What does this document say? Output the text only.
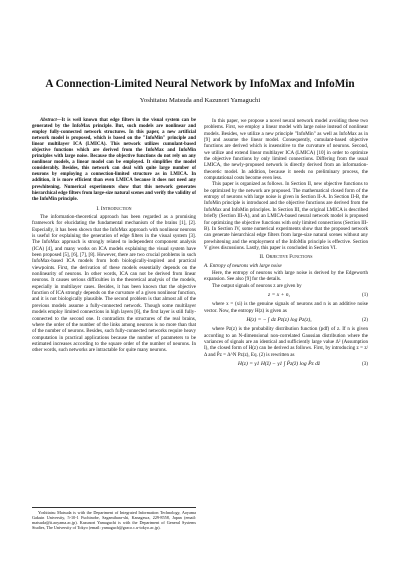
A Connection-Limited Neural Network by InfoMax and InfoMin
Yoshitatsu Matsuda and Kazunori Yamaguchi

Abstract—It is well known that edge filters in the visual system can be generated by the InfoMax principle. But, such models are nonlinear and employ fully-connected network structures. In this paper, a new artificial network model is proposed, which is based on the "InfoMin" principle and linear multilayer ICA (LMICA). This network utilizes cumulant-based objective functions which are derived from the InfoMax and InfoMin principles with large noise. Because the objective functions do not rely on any nonlinear models, a linear model can be employed. It simplifies the model considerably. Besides, this network can deal with quite large number of neurons by employing a connection-limited structure as in LMICA. In addition, it is more efficient than even LMICA because it does not need any prewhitening. Numerical experiments show that this network generates hierarchical edge filters from large-size natural scenes and verify the validity of the InfoMin principle.

I. Introduction

The information-theoretical approach has been regarded as a promising framework for elucidating the fundamental mechanism of the brains [1], [2]. Especially, it has been shown that the InfoMax approach with nonlinear neurons is useful for explaining the generation of edge filters in the visual system [3]. The InfoMax approach is strongly related to independent component analysis (ICA) [4], and many works on ICA models explaining the visual system have been proposed [5], [6], [7], [8]. However, there are two crucial problems in such InfoMax-based ICA models from both biologically-inspired and practical viewpoints. First, the derivation of these models essentially depends on the nonlinearity of neurons. In other words, ICA can not be derived from linear neurons. It causes serious difficulties in the theoretical analysis of the models, especially in multilayer cases. Besides, it has been known that the objective function of ICA strongly depends on the curvature of a given nonlinear function, and it is not biologically plausible. The second problem is that almost all of the previous models assume a fully-connected network. Though some multilayer models employ limited connections in high layers [6], the first layer is still fully-connected to the second one. It contradicts the structures of the real brains, where the order of the number of the links among neurons is no more than that of the number of neurons. Besides, such fully-connected networks require heavy computation in practical applications because the number of parameters to be estimated increases according to the square order of the number of neurons. In other words, such networks are intractable for quite many neurons.

Yoshitatsu Matsuda is with the Department of Integrated Information Technology, Aoyama Gakuin University, 5-10-1 Fuchinobe, Sagamihara-shi, Kanagawa, 229-8558, Japan (email: matsuda@it.aoyama.ac.jp). Kazunori Yamaguchi is with the Department of General Systems Studies, The University of Tokyo (email: yamaguch@graco.c.u-tokyo.ac.jp).

In this paper, we propose a novel neural network model avoiding these two problems. First, we employ a linear model with large noise instead of nonlinear models. Besides, we utilize a new principle "InfoMin" as well as InfoMax as in [9] and assume the linear model. Consequently, cumulant-based objective functions are derived which is insensitive to the curvature of neurons. Second, we utilize and extend linear multilayer ICA (LMICA) [10] in order to optimize the objective functions by only limited connections. Differing from the usual LMICA, the newly-proposed network is directly derived from an information-theoretic model. In addition, because it needs no preliminary process, the computational costs become even less.

This paper is organized as follows. In Section II, new objective functions to be optimized by the network are proposed. The mathematical closed form of the entropy of neurons with large noise is given in Section II-A. In Section II-B, the InfoMin principle is introduced and the objective functions are derived from the InfoMax and InfoMin principles. In Section III, the original LMICA is described briefly (Section III-A), and an LMICA-based neural network model is proposed for optimizing the objective functions with only limited connections (Section III-B). In Section IV, some numerical experiments show that the proposed network can generate hierarchical edge filters from large-size natural scenes without any prewhitening and the employment of the InfoMin principle is effective. Section V gives discussions. Lastly, this paper is concluded in Section VI.

II. Objective Functions
A. Entropy of neurons with large noise

Here, the entropy of neurons with large noise is derived by the Edgeworth expansion. See also [9] for the details.

The output signals of neurons z are given by

z = x + n,	(1)

where x = (xi) is the genuine signals of neurons and n is an additive noise vector. Now, the entropy H(z) is given as

H(z) = − ∫ dz Pz(z) log Pz(z),	(2)

where Pz(z) is the probability distribution function (pdf) of z. If n is given according to an N-dimensional non-correlated Gaussian distribution where the variances of signals are an identical and sufficiently large value Δ² (Assumption I), the closed form of H(z) can be derived as follows. First, by introducing z = z/Δ and P̄z = Δ^N Pz(z), Eq. (2) is rewritten as

H(z) = γ1 H(z̄) − γ1 ∫ P̄z(z̄) log P̄z dz̄	(3)
